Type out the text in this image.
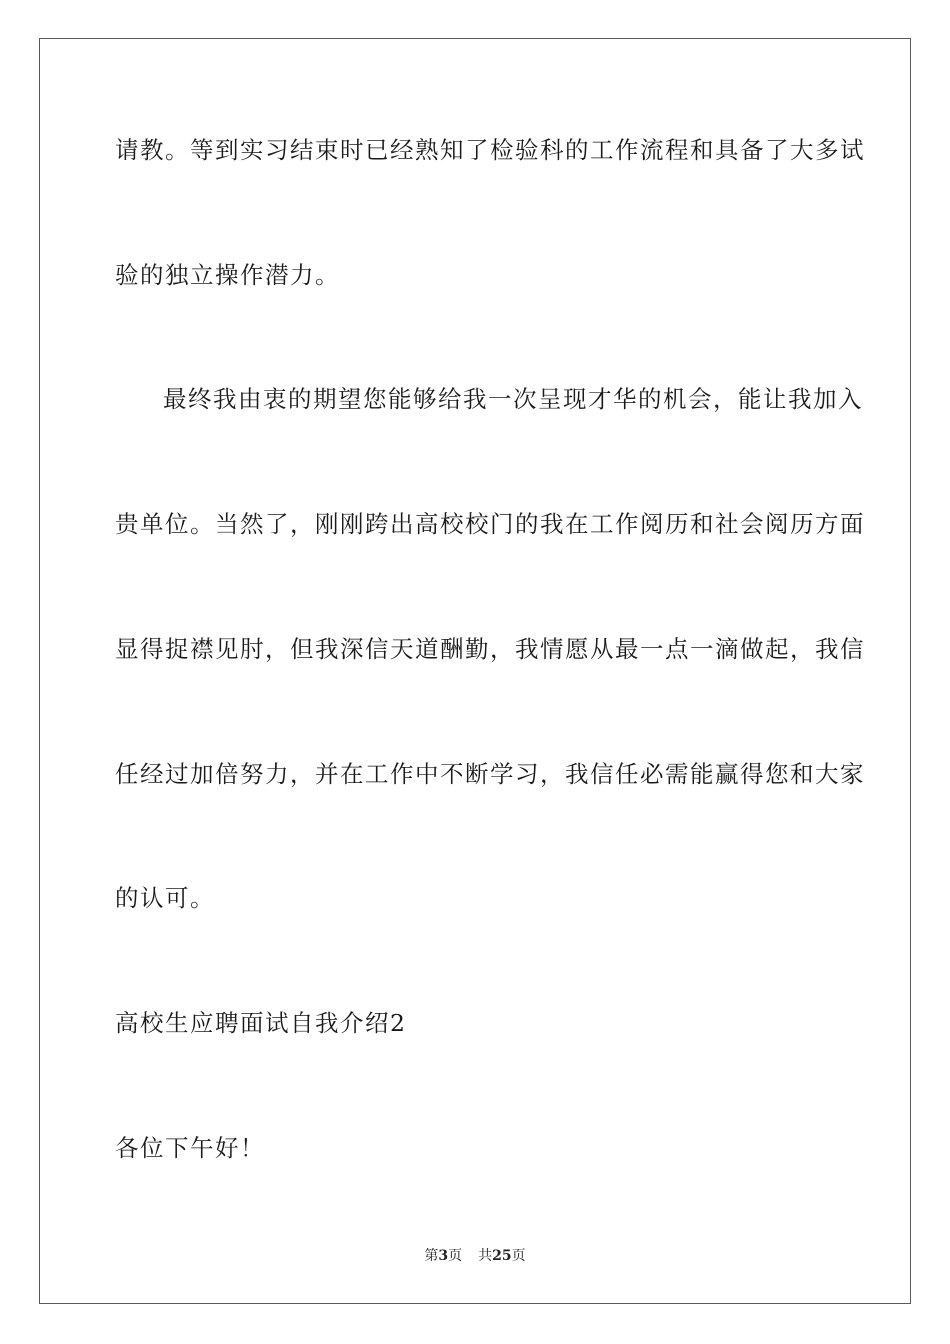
请教。等到实习结束时已经熟知了检验科的工作流程和具备了大多试
验的独立操作潜力。
最终我由衷的期望您能够给我一次呈现才华的机会，能让我加入
贵单位。当然了，刚刚跨出高校校门的我在工作阅历和社会阅历方面
显得捉襟见肘，但我深信天道酬勤，我情愿从最一点一滴做起，我信
任经过加倍努力，并在工作中不断学习，我信任必需能赢得您和大家
的认可。
高校生应聘面试自我介绍2
各位下午好！
第3页 共25页
